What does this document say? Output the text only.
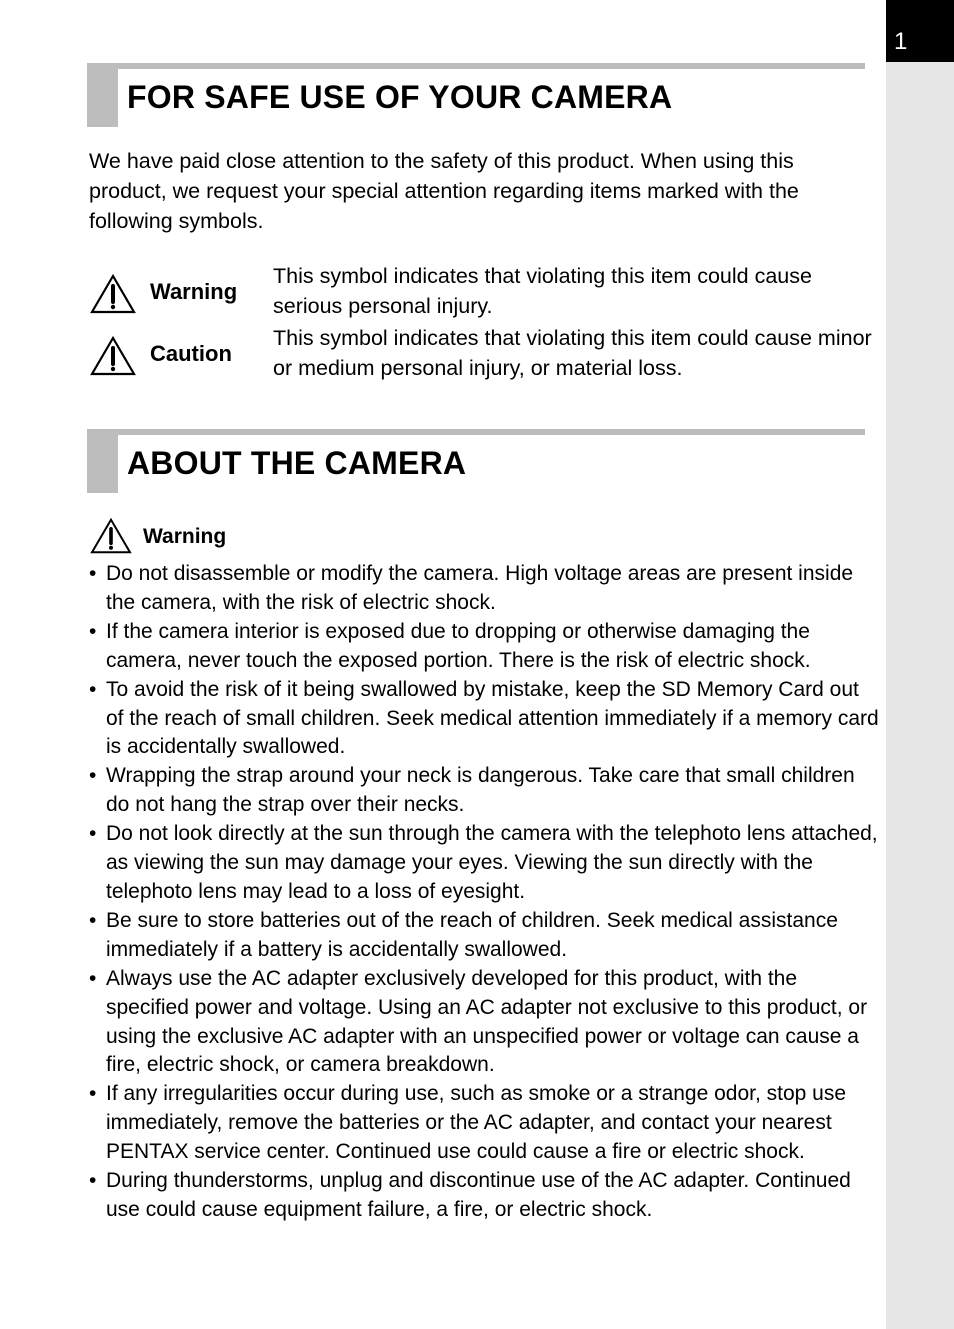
1
FOR SAFE USE OF YOUR CAMERA

We have paid close attention to the safety of this product. When using this product, we request your special attention regarding items marked with the following symbols.

Warning

This symbol indicates that violating this item could cause serious personal injury.

Caution

This symbol indicates that violating this item could cause minor or medium personal injury, or material loss.

ABOUT THE CAMERA
Warning
• Do not disassemble or modify the camera. High voltage areas are present inside the camera, with the risk of electric shock.
• If the camera interior is exposed due to dropping or otherwise damaging the camera, never touch the exposed portion. There is the risk of electric shock.
• To avoid the risk of it being swallowed by mistake, keep the SD Memory Card out of the reach of small children. Seek medical attention immediately if a memory card is accidentally swallowed.
• Wrapping the strap around your neck is dangerous. Take care that small children do not hang the strap over their necks.
• Do not look directly at the sun through the camera with the telephoto lens attached, as viewing the sun may damage your eyes. Viewing the sun directly with the telephoto lens may lead to a loss of eyesight.
• Be sure to store batteries out of the reach of children. Seek medical assistance immediately if a battery is accidentally swallowed.
• Always use the AC adapter exclusively developed for this product, with the specified power and voltage. Using an AC adapter not exclusive to this product, or using the exclusive AC adapter with an unspecified power or voltage can cause a fire, electric shock, or camera breakdown.
• If any irregularities occur during use, such as smoke or a strange odor, stop use immediately, remove the batteries or the AC adapter, and contact your nearest PENTAX service center. Continued use could cause a fire or electric shock.
• During thunderstorms, unplug and discontinue use of the AC adapter. Continued use could cause equipment failure, a fire, or electric shock.
